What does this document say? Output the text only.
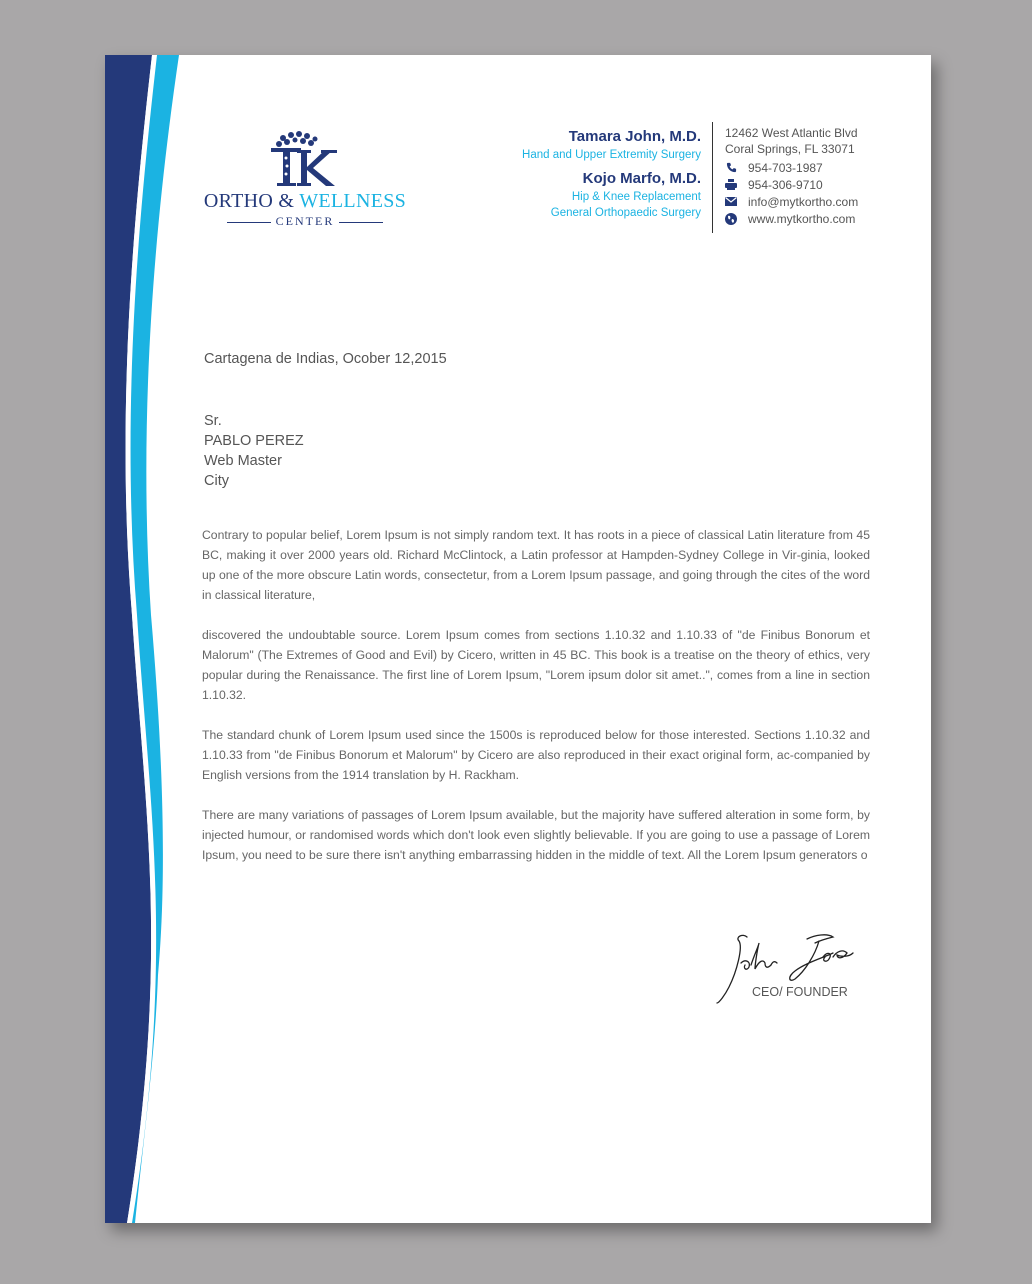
ORTHO & WELLNESS
CENTER
Tamara John, M.D.
Hand and Upper Extremity Surgery
Kojo Marfo, M.D.
Hip & Knee Replacement
General Orthopaedic Surgery
12462 West Atlantic Blvd
Coral Springs, FL 33071
954-703-1987
954-306-9710
info@mytkortho.com
www.mytkortho.com
Cartagena de Indias, Ocober 12,2015
Sr.
PABLO PEREZ
Web Master
City

Contrary to popular belief, Lorem Ipsum is not simply random text. It has roots in a piece of classical Latin literature from 45 BC, making it over 2000 years old. Richard McClintock, a Latin professor at Hampden-Sydney College in Vir-ginia, looked up one of the more obscure Latin words, consectetur, from a Lorem Ipsum passage, and going through the cites of the word in classical literature,

discovered the undoubtable source. Lorem Ipsum comes from sections 1.10.32 and 1.10.33 of "de Finibus Bonorum et Malorum" (The Extremes of Good and Evil) by Cicero, written in 45 BC. This book is a treatise on the theory of ethics, very popular during the Renaissance. The first line of Lorem Ipsum, "Lorem ipsum dolor sit amet..", comes from a line in section 1.10.32.

The standard chunk of Lorem Ipsum used since the 1500s is reproduced below for those interested. Sections 1.10.32 and 1.10.33 from "de Finibus Bonorum et Malorum" by Cicero are also reproduced in their exact original form, ac-companied by English versions from the 1914 translation by H. Rackham.

There are many variations of passages of Lorem Ipsum available, but the majority have suffered alteration in some form, by injected humour, or randomised words which don't look even slightly believable. If you are going to use a passage of Lorem Ipsum, you need to be sure there isn't anything embarrassing hidden in the middle of text. All the Lorem Ipsum generators o

CEO/ FOUNDER
